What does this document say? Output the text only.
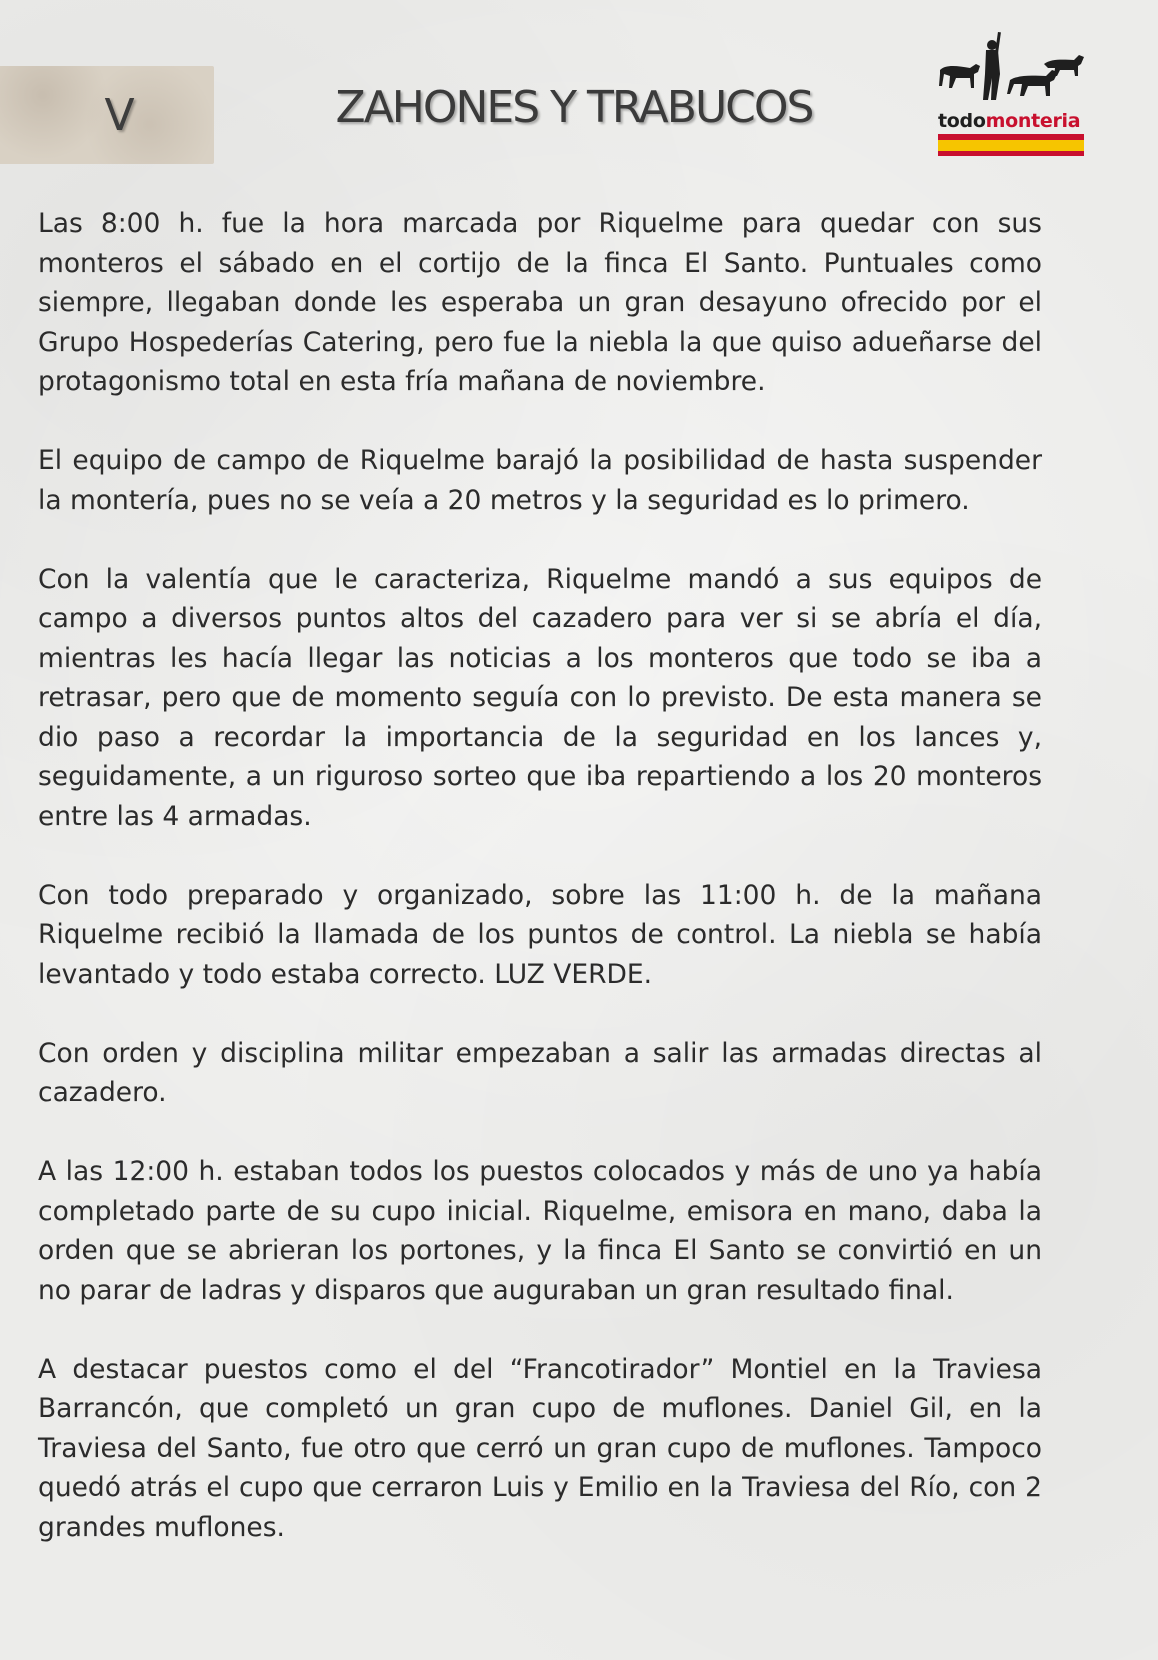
V	ZAHONES Y TRABUCOS	todomonteria

Las 8:00 h. fue la hora marcada por Riquelme para quedar con sus monteros el sábado en el cortijo de la finca El Santo. Puntuales como siempre, llegaban donde les esperaba un gran desayuno ofrecido por el Grupo Hospederías Catering, pero fue la niebla la que quiso adueñarse del protagonismo total en esta fría mañana de noviembre.

El equipo de campo de Riquelme barajó la posibilidad de hasta suspender la montería, pues no se veía a 20 metros y la seguridad es lo primero.

Con la valentía que le caracteriza, Riquelme mandó a sus equipos de campo a diversos puntos altos del cazadero para ver si se abría el día, mientras les hacía llegar las noticias a los monteros que todo se iba a retrasar, pero que de momento seguía con lo previsto. De esta manera se dio paso a recordar la importancia de la seguridad en los lances y, seguidamente, a un riguroso sorteo que iba repartiendo a los 20 monteros entre las 4 armadas.

Con todo preparado y organizado, sobre las 11:00 h. de la mañana Riquelme recibió la llamada de los puntos de control. La niebla se había levantado y todo estaba correcto. LUZ VERDE.

Con orden y disciplina militar empezaban a salir las armadas directas al cazadero.

A las 12:00 h. estaban todos los puestos colocados y más de uno ya había completado parte de su cupo inicial. Riquelme, emisora en mano, daba la orden que se abrieran los portones, y la finca El Santo se convirtió en un no parar de ladras y disparos que auguraban un gran resultado final.

A destacar puestos como el del “Francotirador” Montiel en la Traviesa Barrancón, que completó un gran cupo de muflones. Daniel Gil, en la Traviesa del Santo, fue otro que cerró un gran cupo de muflones. Tampoco quedó atrás el cupo que cerraron Luis y Emilio en la Traviesa del Río, con 2 grandes muflones.
